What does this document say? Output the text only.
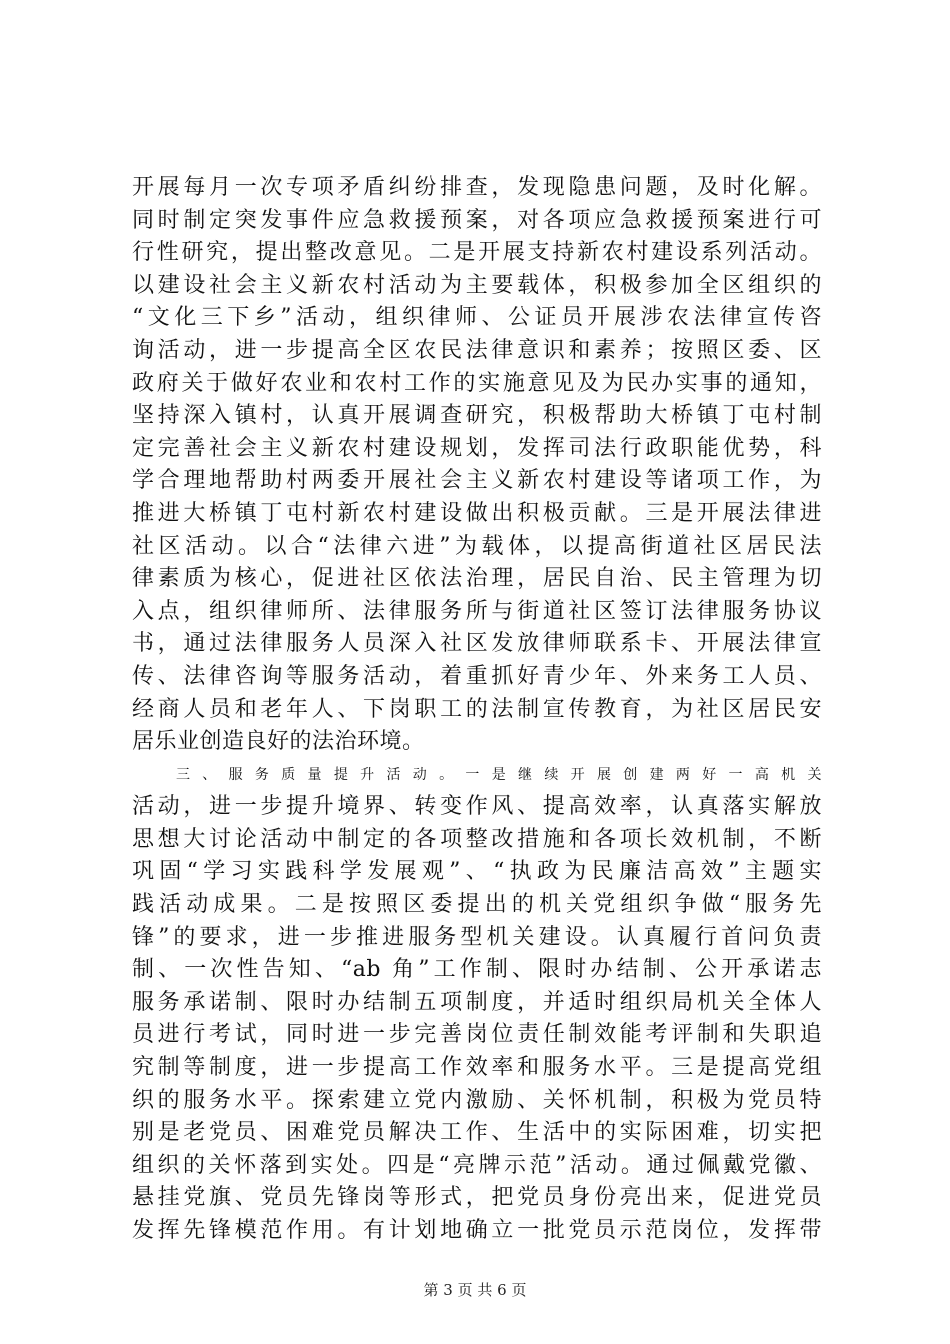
开展每月一次专项矛盾纠纷排查，发现隐患问题，及时化解。
同时制定突发事件应急救援预案，对各项应急救援预案进行可
行性研究，提出整改意见。二是开展支持新农村建设系列活动。
以建设社会主义新农村活动为主要载体，积极参加全区组织的
“文化三下乡”活动，组织律师、公证员开展涉农法律宣传咨
询活动，进一步提高全区农民法律意识和素养；按照区委、区
政府关于做好农业和农村工作的实施意见及为民办实事的通知，
坚持深入镇村，认真开展调查研究，积极帮助大桥镇丁屯村制
定完善社会主义新农村建设规划，发挥司法行政职能优势，科
学合理地帮助村两委开展社会主义新农村建设等诸项工作，为
推进大桥镇丁屯村新农村建设做出积极贡献。三是开展法律进
社区活动。以合“法律六进”为载体，以提高街道社区居民法
律素质为核心，促进社区依法治理，居民自治、民主管理为切
入点，组织律师所、法律服务所与街道社区签订法律服务协议
书，通过法律服务人员深入社区发放律师联系卡、开展法律宣
传、法律咨询等服务活动，着重抓好青少年、外来务工人员、
经商人员和老年人、下岗职工的法制宣传教育，为社区居民安
居乐业创造良好的法治环境。
三、服务质量提升活动。一是继续开展创建两好一高机关
活动，进一步提升境界、转变作风、提高效率，认真落实解放
思想大讨论活动中制定的各项整改措施和各项长效机制，不断
巩固“学习实践科学发展观”、“执政为民廉洁高效”主题实
践活动成果。二是按照区委提出的机关党组织争做“服务先
锋”的要求，进一步推进服务型机关建设。认真履行首问负责
制、一次性告知、“ab 角”工作制、限时办结制、公开承诺志
服务承诺制、限时办结制五项制度，并适时组织局机关全体人
员进行考试，同时进一步完善岗位责任制效能考评制和失职追
究制等制度，进一步提高工作效率和服务水平。三是提高党组
织的服务水平。探索建立党内激励、关怀机制，积极为党员特
别是老党员、困难党员解决工作、生活中的实际困难，切实把
组织的关怀落到实处。四是“亮牌示范”活动。通过佩戴党徽、
悬挂党旗、党员先锋岗等形式，把党员身份亮出来，促进党员
发挥先锋模范作用。有计划地确立一批党员示范岗位，发挥带
第 3 页 共 6 页
